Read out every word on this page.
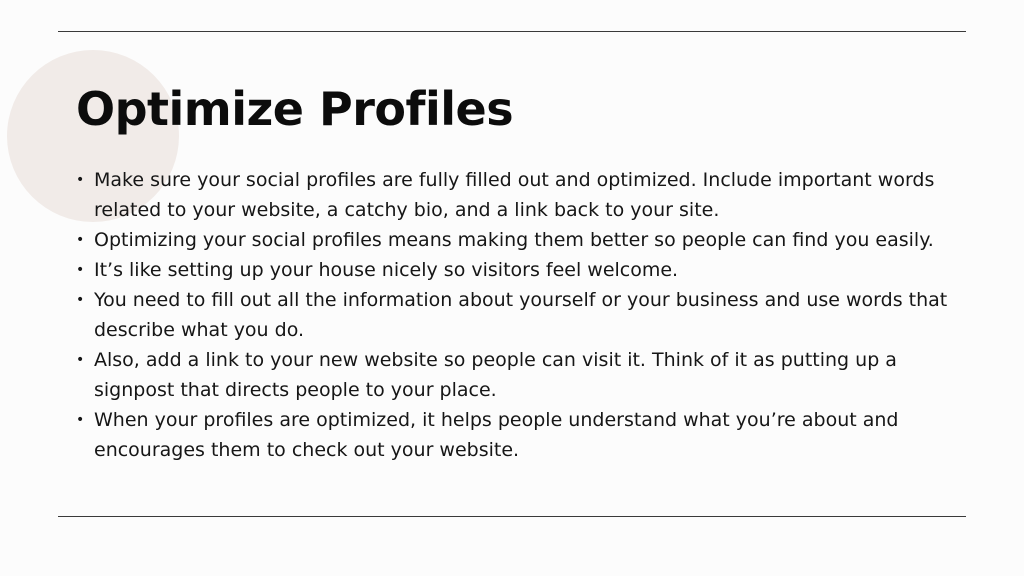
Optimize Profiles
• Make sure your social profiles are fully filled out and optimized. Include important words related to your website, a catchy bio, and a link back to your site.
• Optimizing your social profiles means making them better so people can find you easily.
• It’s like setting up your house nicely so visitors feel welcome.
• You need to fill out all the information about yourself or your business and use words that describe what you do.
• Also, add a link to your new website so people can visit it. Think of it as putting up a signpost that directs people to your place.
• When your profiles are optimized, it helps people understand what you’re about and encourages them to check out your website.
